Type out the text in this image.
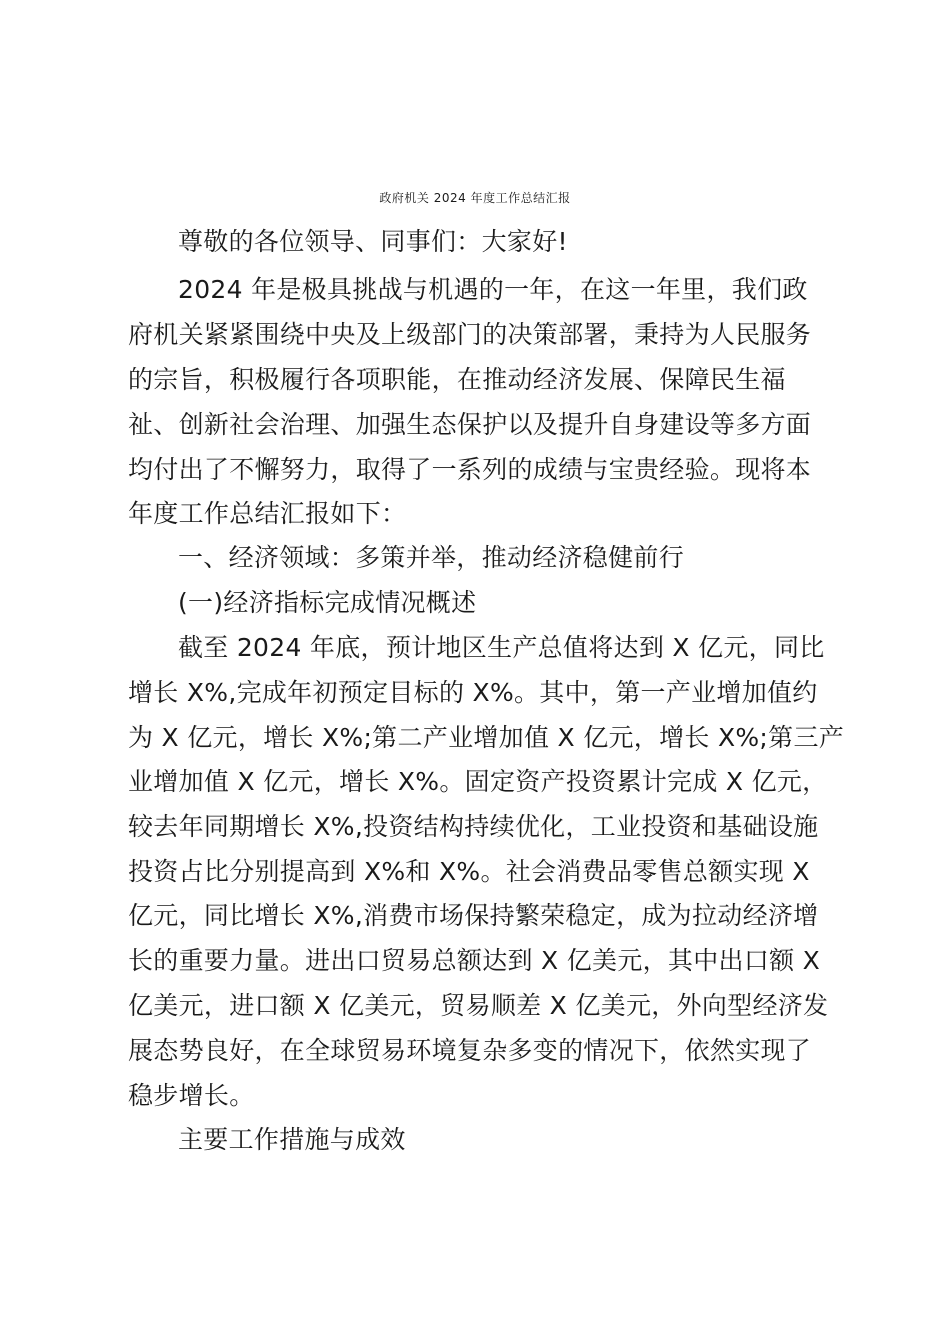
政府机关 2024 年度工作总结汇报
尊敬的各位领导、同事们：大家好!
2024 年是极具挑战与机遇的一年，在这一年里，我们政
府机关紧紧围绕中央及上级部门的决策部署，秉持为人民服务
的宗旨，积极履行各项职能，在推动经济发展、保障民生福
祉、创新社会治理、加强生态保护以及提升自身建设等多方面
均付出了不懈努力，取得了一系列的成绩与宝贵经验。现将本
年度工作总结汇报如下：
一、经济领域：多策并举，推动经济稳健前行
(一)经济指标完成情况概述
截至 2024 年底，预计地区生产总值将达到 X 亿元，同比
增长 X%,完成年初预定目标的 X%。其中，第一产业增加值约
为 X 亿元，增长 X%;第二产业增加值 X 亿元，增长 X%;第三产
业增加值 X 亿元，增长 X%。固定资产投资累计完成 X 亿元，
较去年同期增长 X%,投资结构持续优化，工业投资和基础设施
投资占比分别提高到 X%和 X%。社会消费品零售总额实现 X
亿元，同比增长 X%,消费市场保持繁荣稳定，成为拉动经济增
长的重要力量。进出口贸易总额达到 X 亿美元，其中出口额 X
亿美元，进口额 X 亿美元，贸易顺差 X 亿美元，外向型经济发
展态势良好，在全球贸易环境复杂多变的情况下，依然实现了
稳步增长。
主要工作措施与成效
